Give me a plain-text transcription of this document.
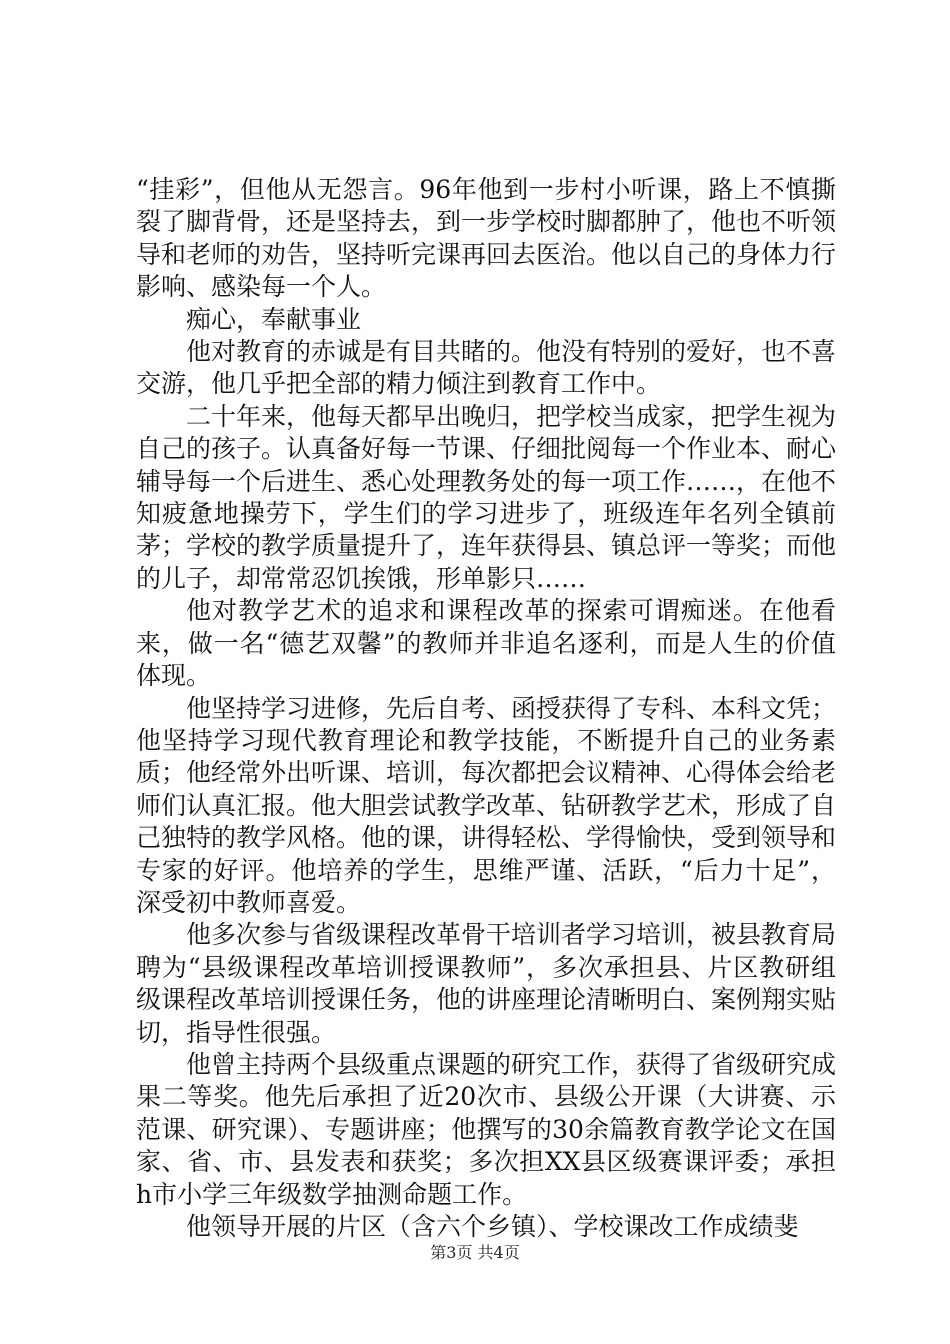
“挂彩”，但他从无怨言。96年他到一步村小听课，路上不慎撕裂了脚背骨，还是坚持去，到一步学校时脚都肿了，他也不听领导和老师的劝告，坚持听完课再回去医治。他以自己的身体力行影响、感染每一个人。

痴心，奉献事业

他对教育的赤诚是有目共睹的。他没有特别的爱好，也不喜交游，他几乎把全部的精力倾注到教育工作中。

二十年来，他每天都早出晚归，把学校当成家，把学生视为自己的孩子。认真备好每一节课、仔细批阅每一个作业本、耐心辅导每一个后进生、悉心处理教务处的每一项工作……，在他不知疲惫地操劳下，学生们的学习进步了，班级连年名列全镇前茅；学校的教学质量提升了，连年获得县、镇总评一等奖；而他的儿子，却常常忍饥挨饿，形单影只……

他对教学艺术的追求和课程改革的探索可谓痴迷。在他看来，做一名“德艺双馨”的教师并非追名逐利，而是人生的价值体现。

他坚持学习进修，先后自考、函授获得了专科、本科文凭；他坚持学习现代教育理论和教学技能，不断提升自己的业务素质；他经常外出听课、培训，每次都把会议精神、心得体会给老师们认真汇报。他大胆尝试教学改革、钻研教学艺术，形成了自己独特的教学风格。他的课，讲得轻松、学得愉快，受到领导和专家的好评。他培养的学生，思维严谨、活跃，“后力十足”，深受初中教师喜爱。

他多次参与省级课程改革骨干培训者学习培训，被县教育局聘为“县级课程改革培训授课教师”，多次承担县、片区教研组级课程改革培训授课任务，他的讲座理论清晰明白、案例翔实贴切，指导性很强。

他曾主持两个县级重点课题的研究工作，获得了省级研究成果二等奖。他先后承担了近20次市、县级公开课（大讲赛、示范课、研究课）、专题讲座；他撰写的30余篇教育教学论文在国家、省、市、县发表和获奖；多次担XX县区级赛课评委；承担h市小学三年级数学抽测命题工作。

他领导开展的片区（含六个乡镇）、学校课改工作成绩斐

第3页 共4页
